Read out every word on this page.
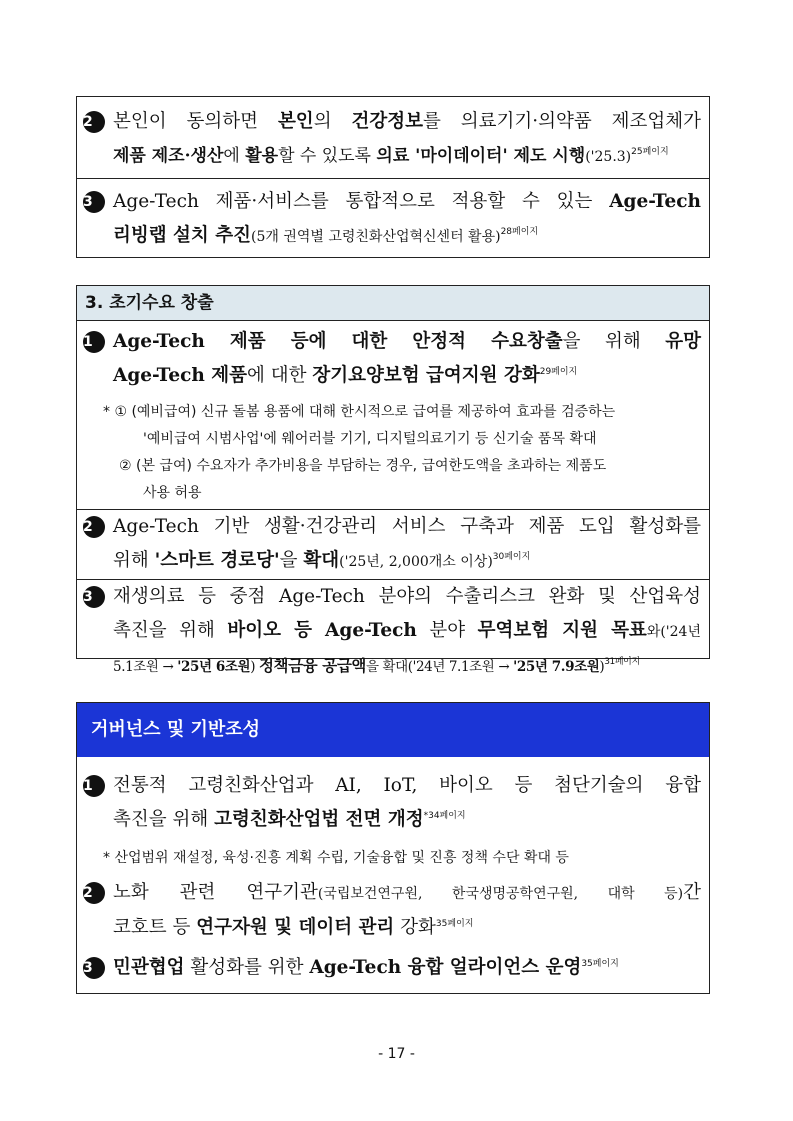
2 본인이 동의하면 본인의 건강정보를 의료기기·의약품 제조업체가
제품 제조·생산에 활용할 수 있도록 의료 '마이데이터' 제도 시행('25.3)$^{25페이지}$
3 Age-Tech 제품·서비스를 통합적으로 적용할 수 있는 Age-Tech
리빙랩 설치 추진(5개 권역별 고령친화산업혁신센터 활용)$^{28페이지}$
3. 초기수요 창출
1 Age-Tech 제품 등에 대한 안정적 수요창출을 위해 유망
Age-Tech 제품에 대한 장기요양보험 급여지원 강화$^{29페이지}$
* ① (예비급여) 신규 돌봄 용품에 대해 한시적으로 급여를 제공하여 효과를 검증하는
'예비급여 시범사업'에 웨어러블 기기, 디지털의료기기 등 신기술 품목 확대
② (본 급여) 수요자가 추가비용을 부담하는 경우, 급여한도액을 초과하는 제품도
사용 허용
2 Age-Tech 기반 생활·건강관리 서비스 구축과 제품 도입 활성화를
위해 '스마트 경로당'을 확대('25년, 2,000개소 이상)$^{30페이지}$
3 재생의료 등 중점 Age-Tech 분야의 수출리스크 완화 및 산업육성
촉진을 위해 바이오 등 Age-Tech 분야 무역보험 지원 목표와('24년
5.1조원 → '25년 6조원) 정책금융 공급액을 확대('24년 7.1조원 → '25년 7.9조원)$^{31페이지}$
거버넌스 및 기반조성
1 전통적 고령친화산업과 AI, IoT, 바이오 등 첨단기술의 융합
촉진을 위해 고령친화산업법 전면 개정$^{*34페이지}$
* 산업범위 재설정, 육성·진흥 계획 수립, 기술융합 및 진흥 정책 수단 확대 등
2 노화 관련 연구기관(국립보건연구원, 한국생명공학연구원, 대학 등)간
코호트 등 연구자원 및 데이터 관리 강화$^{35페이지}$
3 민관협업 활성화를 위한 Age-Tech 융합 얼라이언스 운영$^{35페이지}$
- 17 -
